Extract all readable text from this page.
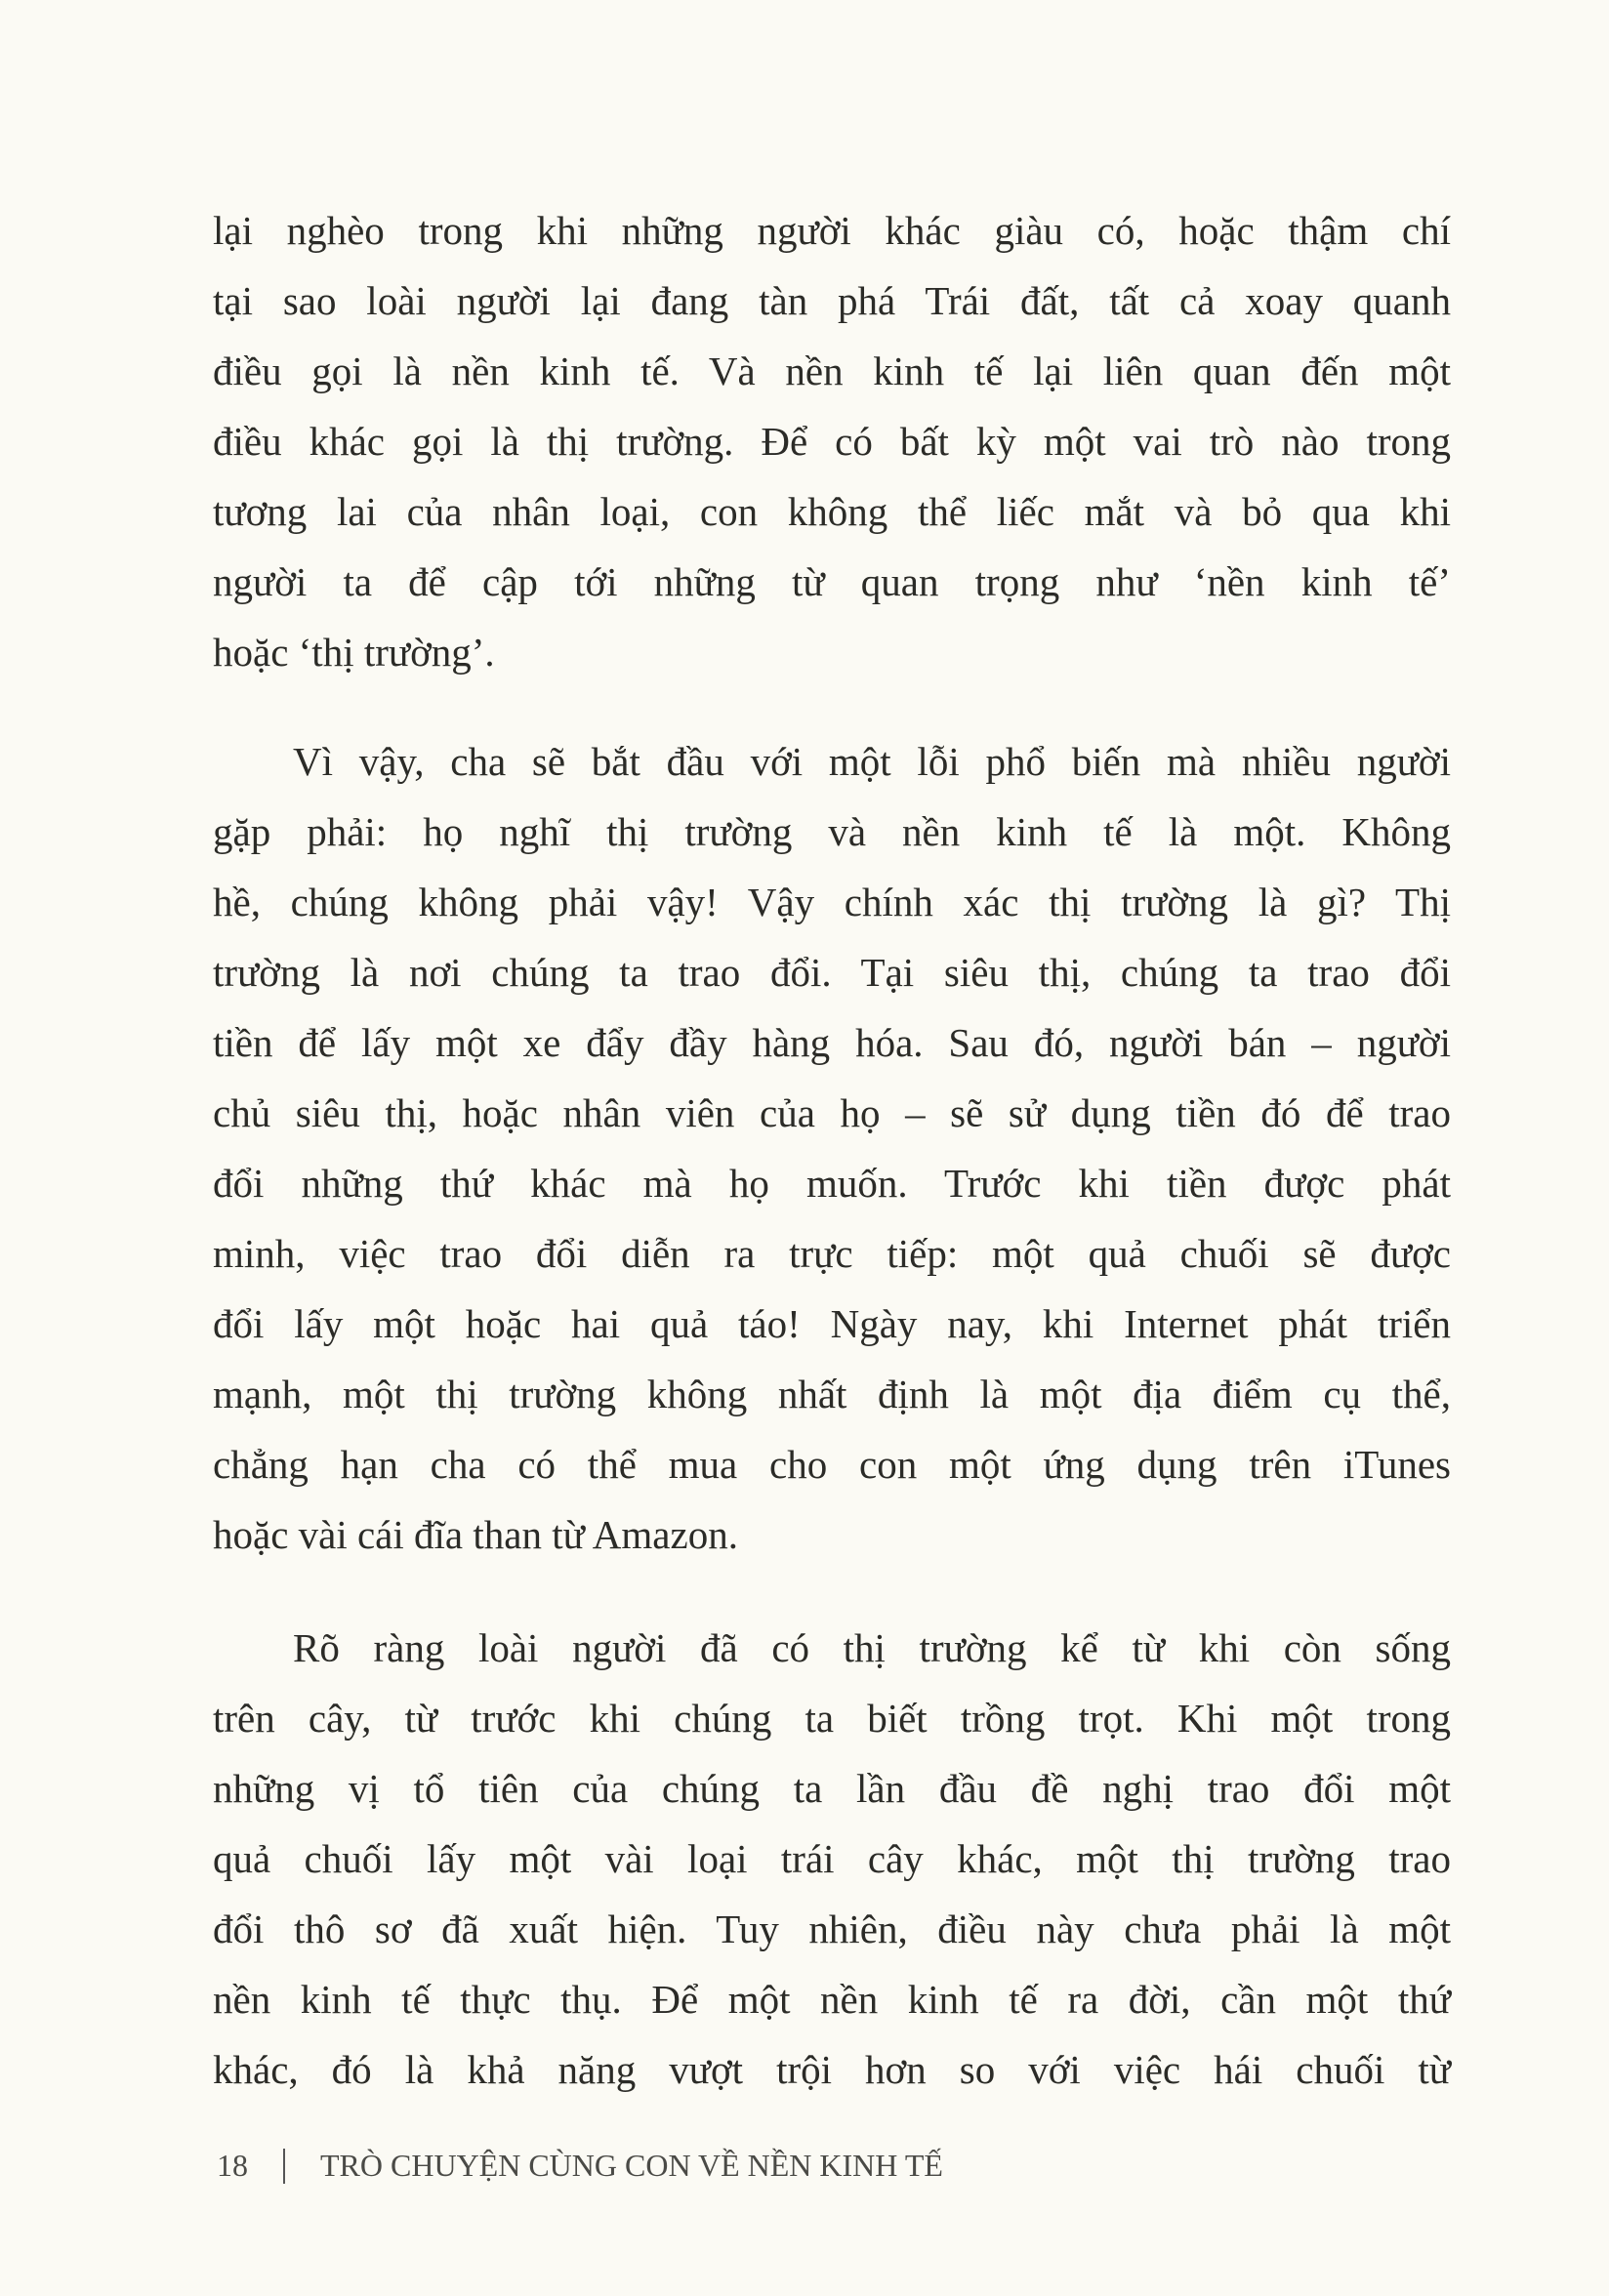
lại nghèo trong khi những người khác giàu có, hoặc thậm chí
tại sao loài người lại đang tàn phá Trái đất, tất cả xoay quanh
điều gọi là nền kinh tế. Và nền kinh tế lại liên quan đến một
điều khác gọi là thị trường. Để có bất kỳ một vai trò nào trong
tương lai của nhân loại, con không thể liếc mắt và bỏ qua khi
người ta để cập tới những từ quan trọng như ‘nền kinh tế’
hoặc ‘thị trường’.
Vì vậy, cha sẽ bắt đầu với một lỗi phổ biến mà nhiều người
gặp phải: họ nghĩ thị trường và nền kinh tế là một. Không
hề, chúng không phải vậy! Vậy chính xác thị trường là gì? Thị
trường là nơi chúng ta trao đổi. Tại siêu thị, chúng ta trao đổi
tiền để lấy một xe đẩy đầy hàng hóa. Sau đó, người bán – người
chủ siêu thị, hoặc nhân viên của họ – sẽ sử dụng tiền đó để trao
đổi những thứ khác mà họ muốn. Trước khi tiền được phát
minh, việc trao đổi diễn ra trực tiếp: một quả chuối sẽ được
đổi lấy một hoặc hai quả táo! Ngày nay, khi Internet phát triển
mạnh, một thị trường không nhất định là một địa điểm cụ thể,
chẳng hạn cha có thể mua cho con một ứng dụng trên iTunes
hoặc vài cái đĩa than từ Amazon.
Rõ ràng loài người đã có thị trường kể từ khi còn sống
trên cây, từ trước khi chúng ta biết trồng trọt. Khi một trong
những vị tổ tiên của chúng ta lần đầu đề nghị trao đổi một
quả chuối lấy một vài loại trái cây khác, một thị trường trao
đổi thô sơ đã xuất hiện. Tuy nhiên, điều này chưa phải là một
nền kinh tế thực thụ. Để một nền kinh tế ra đời, cần một thứ
khác, đó là khả năng vượt trội hơn so với việc hái chuối từ
18 TRÒ CHUYỆN CÙNG CON VỀ NỀN KINH TẾ
